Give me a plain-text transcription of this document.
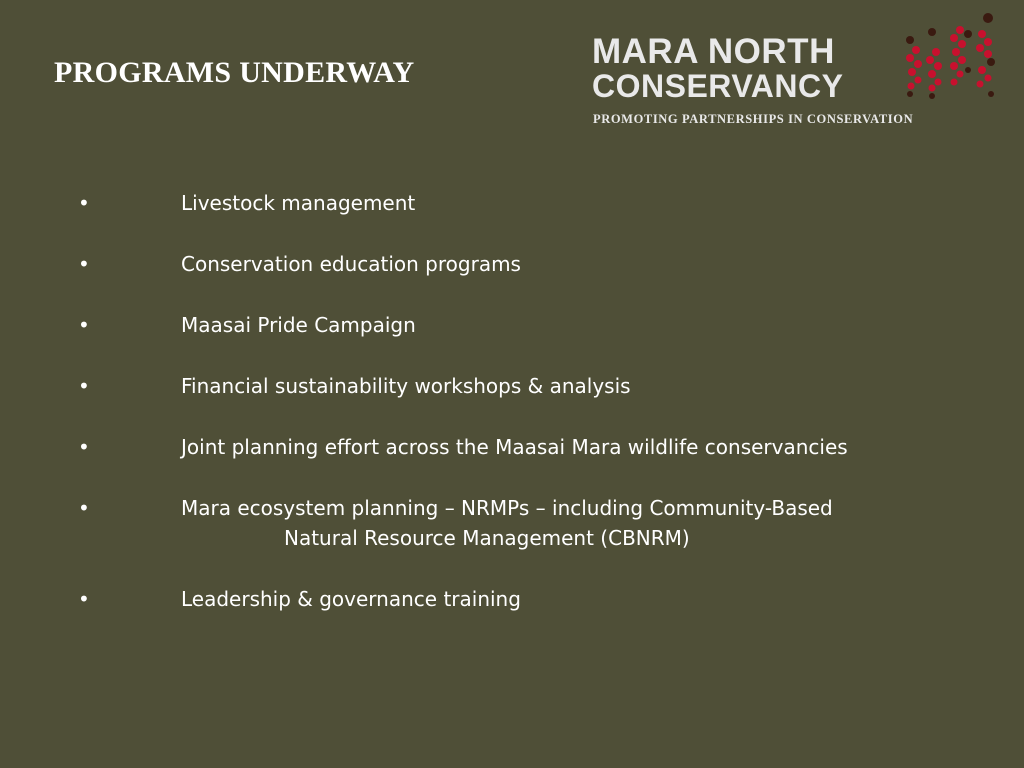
PROGRAMS UNDERWAY
MARA NORTH
CONSERVANCY
PROMOTING PARTNERSHIPS IN CONSERVATION
•	Livestock management
•	Conservation education programs
•	Maasai Pride Campaign
•	Financial sustainability workshops & analysis
•	Joint planning effort across the Maasai Mara wildlife conservancies
•	Mara ecosystem planning – NRMPs – including Community-Based
Natural Resource Management (CBNRM)
•	Leadership & governance training
